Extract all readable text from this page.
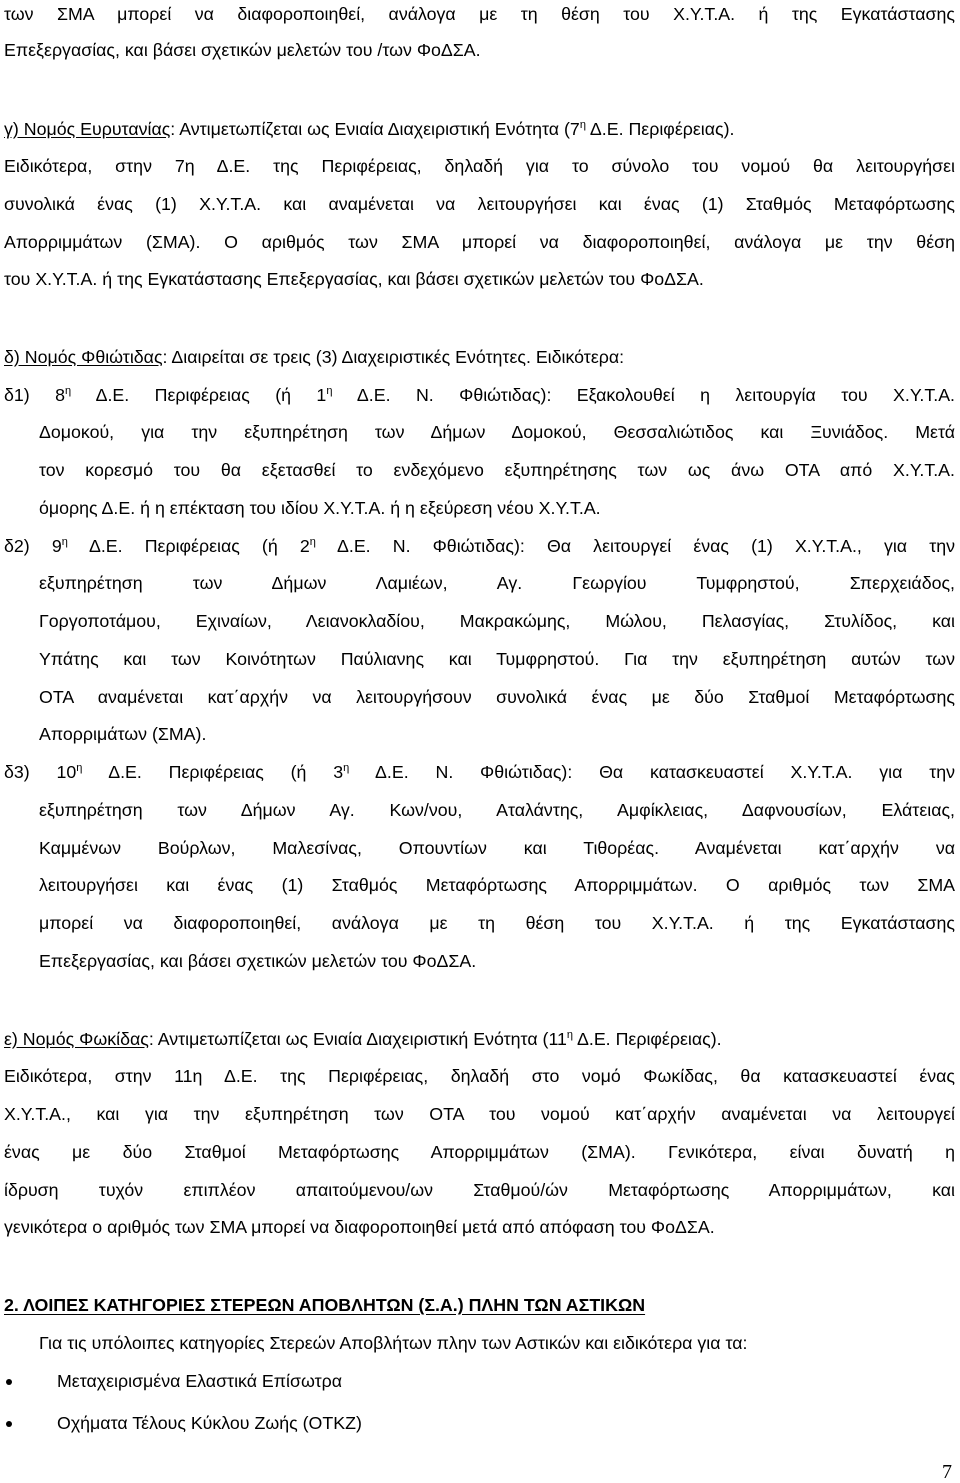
των ΣΜΑ μπορεί να διαφοροποιηθεί, ανάλογα με τη θέση του Χ.Υ.Τ.Α. ή της Εγκατάστασης
Επεξεργασίας, και βάσει σχετικών μελετών του /των ΦοΔΣΑ.
γ) Νομός Ευρυτανίας: Αντιμετωπίζεται ως Ενιαία Διαχειριστική Ενότητα ($7^\eta$ Δ.Ε. Περιφέρειας).
Ειδικότερα, στην 7η Δ.Ε. της Περιφέρειας, δηλαδή για το σύνολο του νομού θα λειτουργήσει
συνολικά ένας (1) Χ.Υ.Τ.Α. και αναμένεται να λειτουργήσει και ένας (1) Σταθμός Μεταφόρτωσης
Απορριμμάτων (ΣΜΑ). Ο αριθμός των ΣΜΑ μπορεί να διαφοροποιηθεί, ανάλογα με την θέση
του Χ.Υ.Τ.Α. ή της Εγκατάστασης Επεξεργασίας, και βάσει σχετικών μελετών του ΦοΔΣΑ.
δ) Νομός Φθιώτιδας: Διαιρείται σε τρεις (3) Διαχειριστικές Ενότητες. Ειδικότερα:
δ1) $8^\eta$ Δ.Ε. Περιφέρειας (ή $1^\eta$ Δ.Ε. Ν. Φθιώτιδας): Εξακολουθεί η λειτουργία του Χ.Υ.Τ.Α.
Δομοκού, για την εξυπηρέτηση των Δήμων Δομοκού, Θεσσαλιώτιδος και Ξυνιάδος. Μετά
τον κορεσμό του θα εξετασθεί το ενδεχόμενο εξυπηρέτησης των ως άνω ΟΤΑ από Χ.Υ.Τ.Α.
όμορης Δ.Ε. ή η επέκταση του ιδίου Χ.Υ.Τ.Α. ή η εξεύρεση νέου Χ.Υ.Τ.Α.
δ2) $9^\eta$ Δ.Ε. Περιφέρειας (ή $2^\eta$ Δ.Ε. Ν. Φθιώτιδας): Θα λειτουργεί ένας (1) Χ.Υ.Τ.Α., για την
εξυπηρέτηση των Δήμων Λαμιέων, Αγ. Γεωργίου Τυμφρηστού, Σπερχειάδος,
Γοργοποτάμου, Εχιναίων, Λειανοκλαδίου, Μακρακώμης, Μώλου, Πελασγίας, Στυλίδος, και
Υπάτης και των Κοινότητων Παύλιανης και Τυμφρηστού. Για την εξυπηρέτηση αυτών των
ΟΤΑ αναμένεται κατ΄αρχήν να λειτουργήσουν συνολικά ένας με δύο Σταθμοί Μεταφόρτωσης
Απορριμάτων (ΣΜΑ).
δ3) $10^\eta$ Δ.Ε. Περιφέρειας (ή $3^\eta$ Δ.Ε. Ν. Φθιώτιδας): Θα κατασκευαστεί Χ.Υ.Τ.Α. για την
εξυπηρέτηση των Δήμων Αγ. Κων/νου, Αταλάντης, Αμφίκλειας, Δαφνουσίων, Ελάτειας,
Καμμένων Βούρλων, Μαλεσίνας, Οπουντίων και Τιθορέας. Αναμένεται κατ΄αρχήν να
λειτουργήσει και ένας (1) Σταθμός Μεταφόρτωσης Απορριμμάτων. Ο αριθμός των ΣΜΑ
μπορεί να διαφοροποιηθεί, ανάλογα με τη θέση του Χ.Υ.Τ.Α. ή της Εγκατάστασης
Επεξεργασίας, και βάσει σχετικών μελετών του ΦοΔΣΑ.
ε) Νομός Φωκίδας: Αντιμετωπίζεται ως Ενιαία Διαχειριστική Ενότητα ($11^\eta$ Δ.Ε. Περιφέρειας).
Ειδικότερα, στην 11η Δ.Ε. της Περιφέρειας, δηλαδή στο νομό Φωκίδας, θα κατασκευαστεί ένας
Χ.Υ.Τ.Α., και για την εξυπηρέτηση των ΟΤΑ του νομού κατ΄αρχήν αναμένεται να λειτουργεί
ένας με δύο Σταθμοί Μεταφόρτωσης Απορριμμάτων (ΣΜΑ). Γενικότερα, είναι δυνατή η
ίδρυση τυχόν επιπλέον απαιτούμενου/ων Σταθμού/ών Μεταφόρτωσης Απορριμμάτων, και
γενικότερα ο αριθμός των ΣΜΑ μπορεί να διαφοροποιηθεί μετά από απόφαση του ΦοΔΣΑ.
2. ΛΟΙΠΕΣ ΚΑΤΗΓΟΡΙΕΣ ΣΤΕΡΕΩΝ ΑΠΟΒΛΗΤΩΝ (Σ.Α.) ΠΛΗΝ ΤΩΝ ΑΣΤΙΚΩΝ
Για τις υπόλοιπες κατηγορίες Στερεών Αποβλήτων πλην των Αστικών και ειδικότερα για τα:
Μεταχειρισμένα Ελαστικά Επίσωτρα
Οχήματα Τέλους Κύκλου Ζωής (ΟΤΚΖ)
7
